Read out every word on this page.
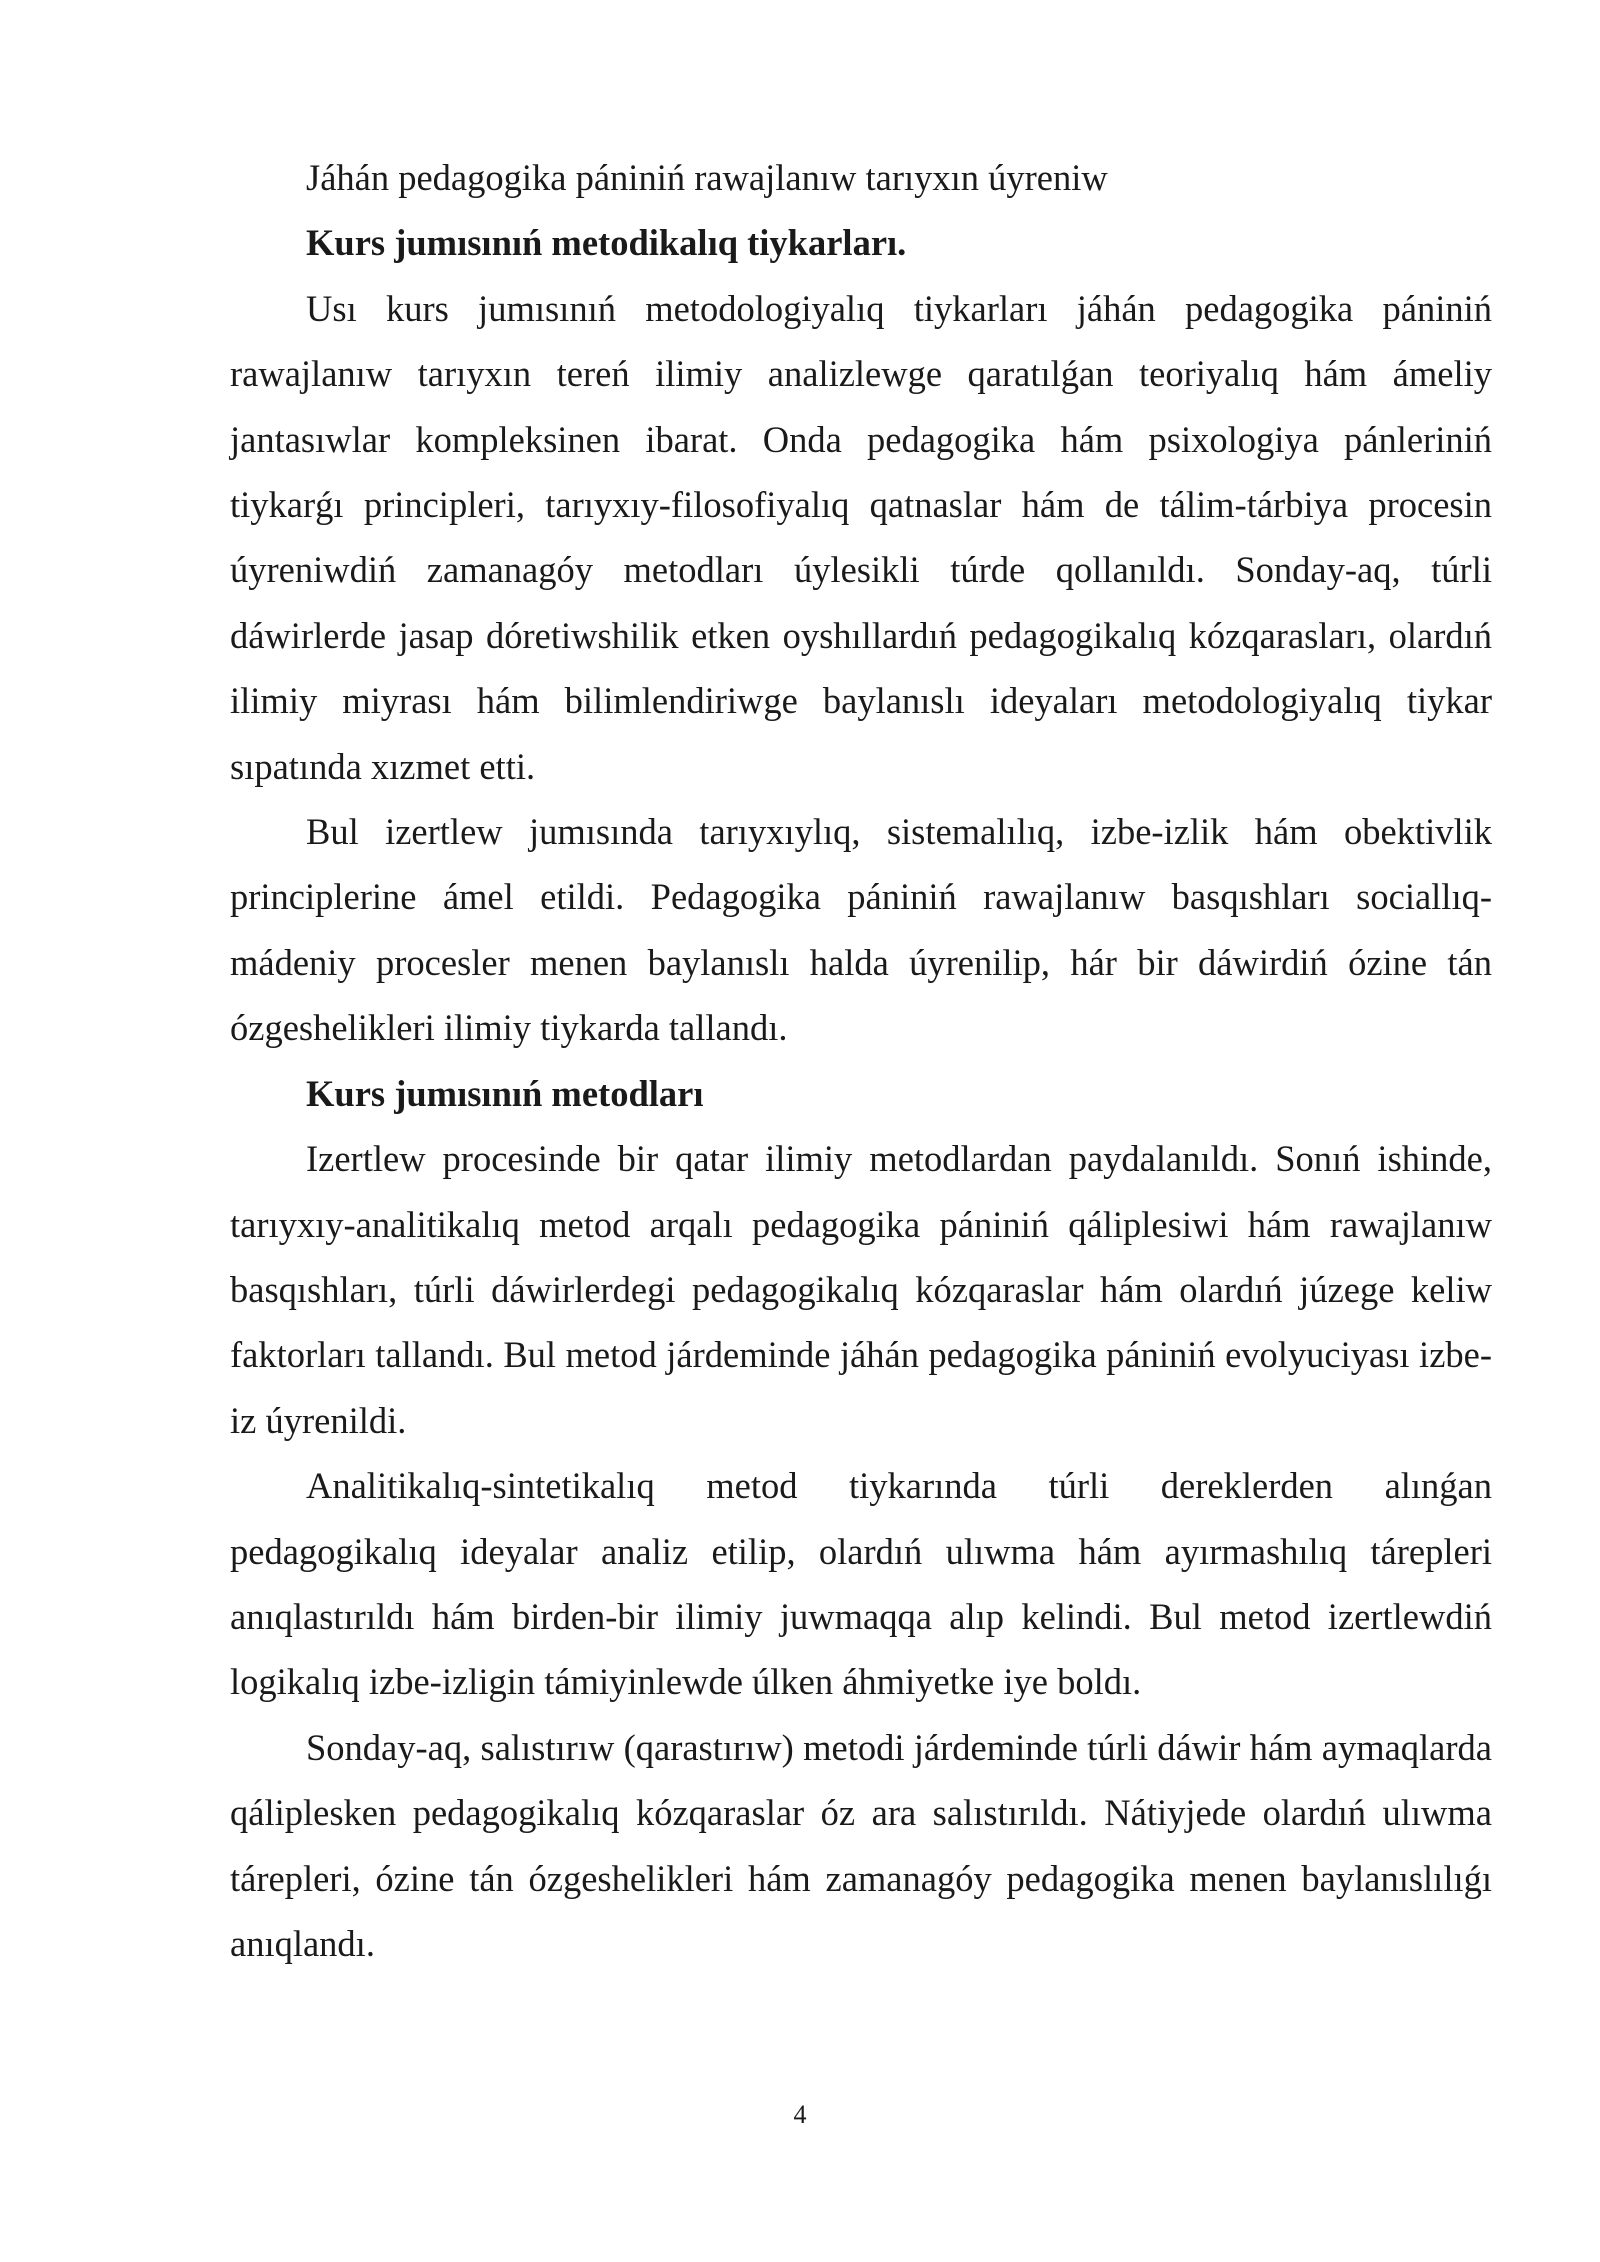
Jáhán pedagogika pániniń rawajlanıw tarıyxın úyreniw

Kurs jumısınıń metodikalıq tiykarları.

Usı kurs jumısınıń metodologiyalıq tiykarları jáhán pedagogika pániniń rawajlanıw tarıyxın tereń ilimiy analizlewge qaratılǵan teoriyalıq hám ámeliy jantasıwlar kompleksinen ibarat. Onda pedagogika hám psixologiya pánleriniń tiykarǵı principleri, tarıyxıy-filosofiyalıq qatnaslar hám de tálim-tárbiya procesin úyreniwdiń zamanagóy metodları úylesikli túrde qollanıldı. Sonday-aq, túrli dáwirlerde jasap dóretiwshilik etken oyshıllardıń pedagogikalıq kózqarasları, olardıń ilimiy miyrası hám bilimlendiriwge baylanıslı ideyaları metodologiyalıq tiykar sıpatında xızmet etti.

Bul izertlew jumısında tarıyxıylıq, sistemalılıq, izbe-izlik hám obektivlik principlerine ámel etildi. Pedagogika pániniń rawajlanıw basqıshları sociallıq-mádeniy procesler menen baylanıslı halda úyrenilip, hár bir dáwirdiń ózine tán ózgeshelikleri ilimiy tiykarda tallandı.

Kurs jumısınıń metodları

Izertlew procesinde bir qatar ilimiy metodlardan paydalanıldı. Sonıń ishinde, tarıyxıy-analitikalıq metod arqalı pedagogika pániniń qáliplesiwi hám rawajlanıw basqıshları, túrli dáwirlerdegi pedagogikalıq kózqaraslar hám olardıń júzege keliw faktorları tallandı. Bul metod járdeminde jáhán pedagogika pániniń evolyuciyası izbe-iz úyrenildi.

Analitikalıq-sintetikalıq metod tiykarında túrli dereklerden alınǵan pedagogikalıq ideyalar analiz etilip, olardıń ulıwma hám ayırmashılıq tárepleri anıqlastırıldı hám birden-bir ilimiy juwmaqqa alıp kelindi. Bul metod izertlewdiń logikalıq izbe-izligin támiyinlewde úlken áhmiyetke iye boldı.

Sonday-aq, salıstırıw (qarastırıw) metodi járdeminde túrli dáwir hám aymaqlarda qáliplesken pedagogikalıq kózqaraslar óz ara salıstırıldı. Nátiyjede olardıń ulıwma tárepleri, ózine tán ózgeshelikleri hám zamanagóy pedagogika menen baylanıslılıǵı anıqlandı.

4
